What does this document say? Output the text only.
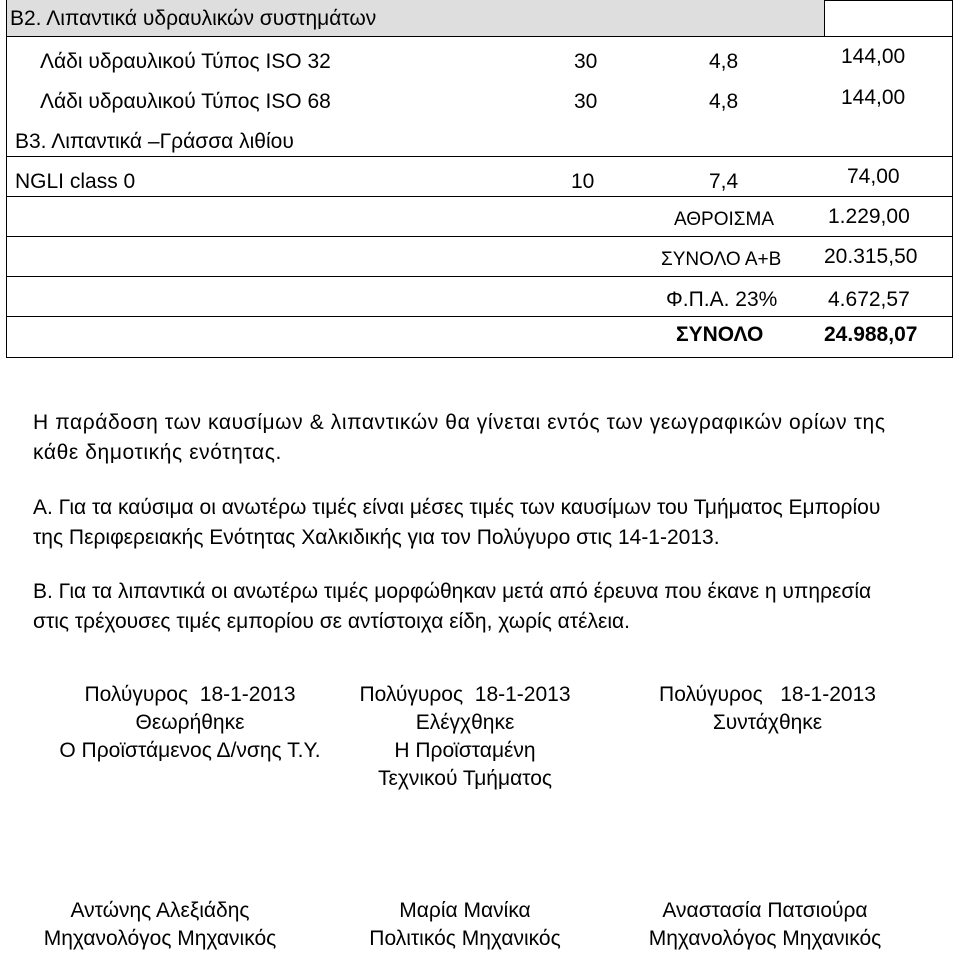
Β2. Λιπαντικά υδραυλικών συστημάτων
Λάδι υδραυλικού Τύπος ISO 32	30	4,8	144,00
Λάδι υδραυλικού Τύπος ISO 68	30	4,8	144,00
Β3. Λιπαντικά –Γράσσα λιθίου
NGLI class 0	10	7,4	74,00
ΑΘΡΟΙΣΜΑ	1.229,00
ΣΥΝΟΛΟ Α+Β 20.315,50
Φ.Π.Α. 23% 4.672,57
ΣΥΝΟΛΟ	24.988,07
Η παράδοση των καυσίμων & λιπαντικών θα γίνεται εντός των γεωγραφικών ορίων της κάθε δημοτικής ενότητας.
Α. Για τα καύσιμα οι ανωτέρω τιμές είναι μέσες τιμές των καυσίμων του Τμήματος Εμπορίου της Περιφερειακής Ενότητας Χαλκιδικής για τον Πολύγυρο στις 14-1-2013.
Β. Για τα λιπαντικά οι ανωτέρω τιμές μορφώθηκαν μετά από έρευνα που έκανε η υπηρεσία στις τρέχουσες τιμές εμπορίου σε αντίστοιχα είδη, χωρίς ατέλεια.
Πολύγυρος  18-1-2013
Θεωρήθηκε
Ο Προϊστάμενος Δ/νσης Τ.Υ.
Πολύγυρος  18-1-2013
Ελέγχθηκε
Η Προϊσταμένη
Τεχνικού Τμήματος
Πολύγυρος   18-1-2013
Συντάχθηκε
Αντώνης Αλεξιάδης
Μηχανολόγος Μηχανικός
Μαρία Μανίκα
Πολιτικός Μηχανικός
Αναστασία Πατσιούρα
Μηχανολόγος Μηχανικός
